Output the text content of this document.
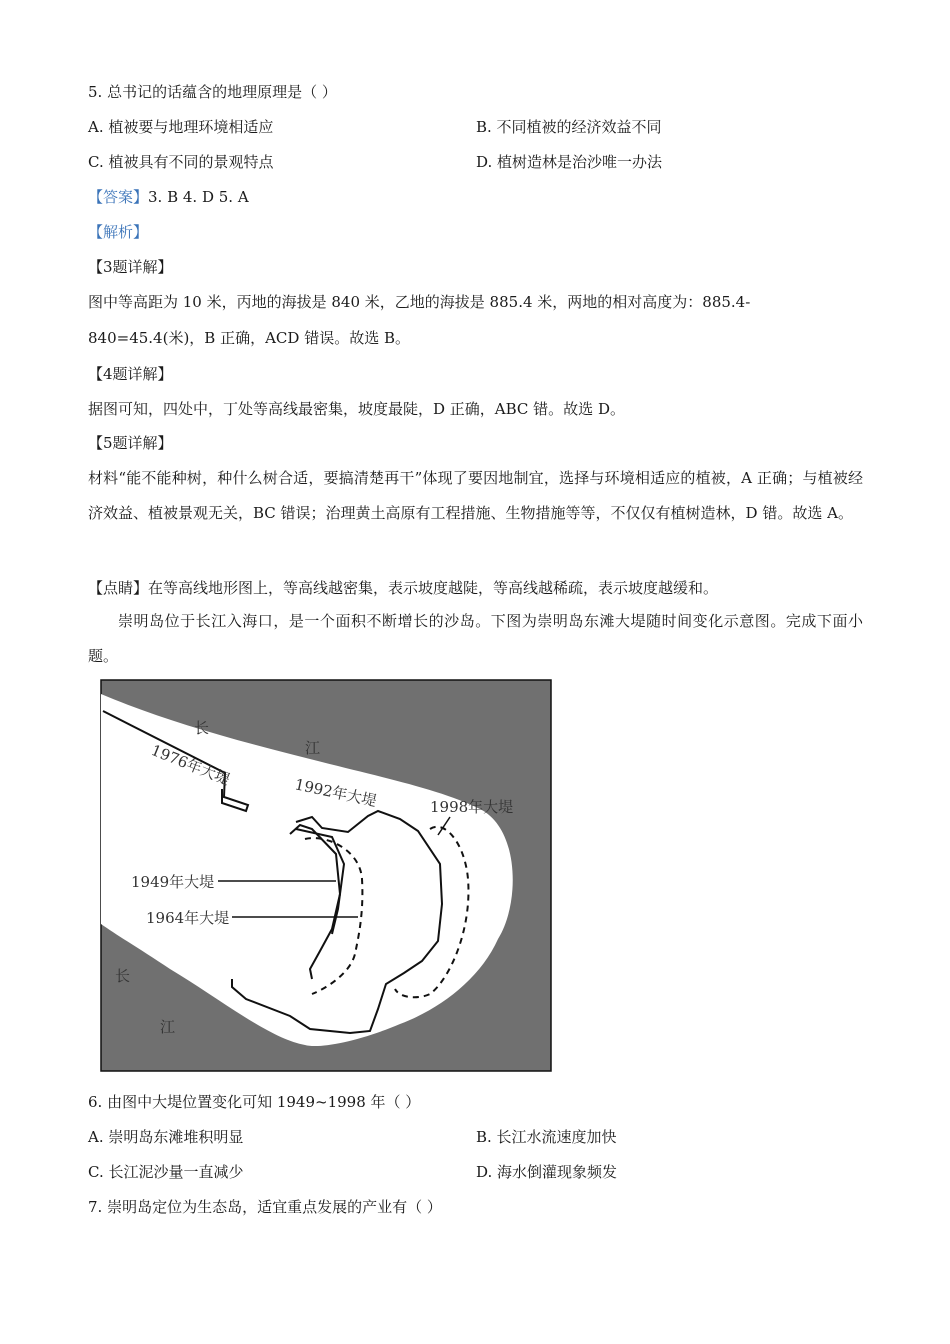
5. 总书记的话蕴含的地理原理是（ ）
A. 植被要与地理环境相适应	B. 不同植被的经济效益不同
C. 植被具有不同的景观特点	D. 植树造林是治沙唯一办法
【答案】3. B 4. D 5. A
【解析】
【3题详解】
图中等高距为 10 米，丙地的海拔是 840 米，乙地的海拔是 885.4 米，两地的相对高度为：885.4-
840=45.4(米)，B 正确，ACD 错误。故选 B。
【4题详解】
据图可知，四处中，丁处等高线最密集，坡度最陡，D 正确，ABC 错。故选 D。
【5题详解】
材料“能不能种树，种什么树合适，要搞清楚再干”体现了要因地制宜，选择与环境相适应的植被，A 正确；与植被经济效益、植被景观无关，BC 错误；治理黄土高原有工程措施、生物措施等等，不仅仅有植树造林，D 错。故选 A。
【点睛】在等高线地形图上，等高线越密集，表示坡度越陡，等高线越稀疏，表示坡度越缓和。
崇明岛位于长江入海口，是一个面积不断增长的沙岛。下图为崇明岛东滩大堤随时间变化示意图。完成下面小题。
长
江
长
江
1976年大堤
1992年大堤	1998年大堤
1949年大堤
1964年大堤
6. 由图中大堤位置变化可知 1949~1998 年（ ）
A. 崇明岛东滩堆积明显	B. 长江水流速度加快
C. 长江泥沙量一直减少	D. 海水倒灌现象频发
7. 崇明岛定位为生态岛，适宜重点发展的产业有（ ）
